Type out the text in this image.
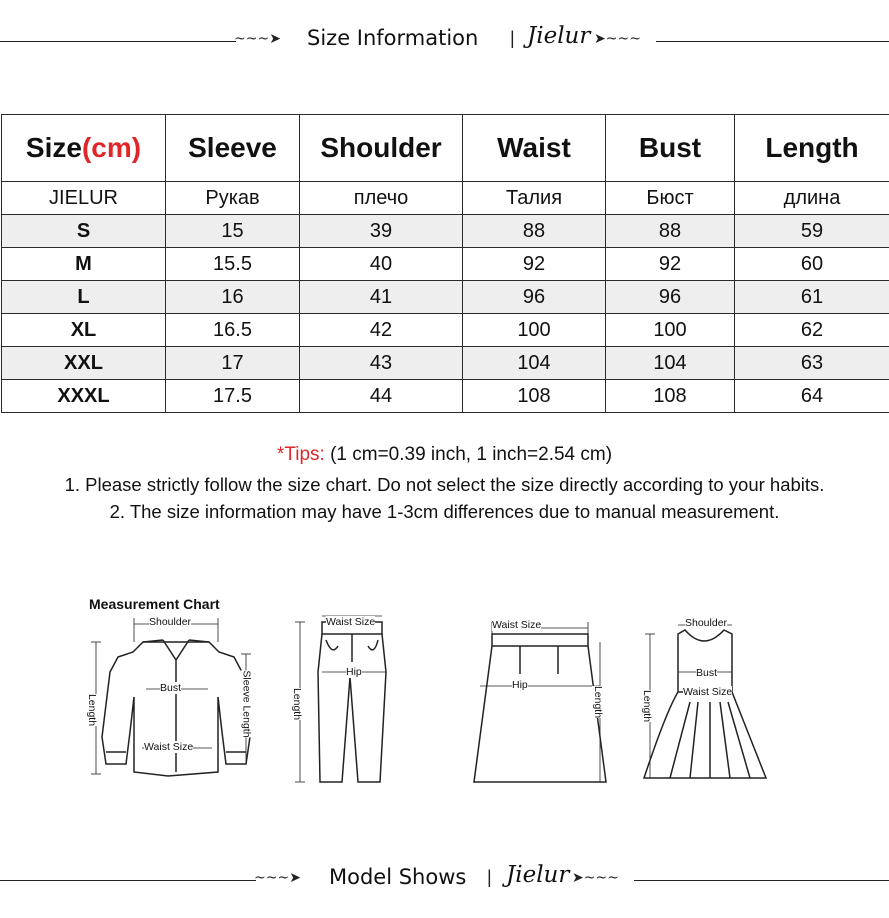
~~~➤ Size Information | Jielur ➤~~~
Size(cm)	Sleeve	Shoulder	Waist	Bust	Length
JIELUR	Рукав	плечо	Талия	Бюст	длина
S	15	39	88	88	59
M	15.5	40	92	92	60
L	16	41	96	96	61
XL	16.5	42	100	100	62
XXL	17	43	104	104	63
XXXL	17.5	44	108	108	64
*Tips: (1 cm=0.39 inch, 1 inch=2.54 cm)
1. Please strictly follow the size chart. Do not select the size directly according to your habits.
2. The size information may have 1-3cm differences due to manual measurement.
Measurement Chart
Shoulder
Bust
Waist Size
Length	Sleeve Length
Waist Size
Hip
Length
Waist Size
Hip
Length
Shoulder
Bust
Waist Size
Length
~~~➤ Model Shows | Jielur ➤~~~
